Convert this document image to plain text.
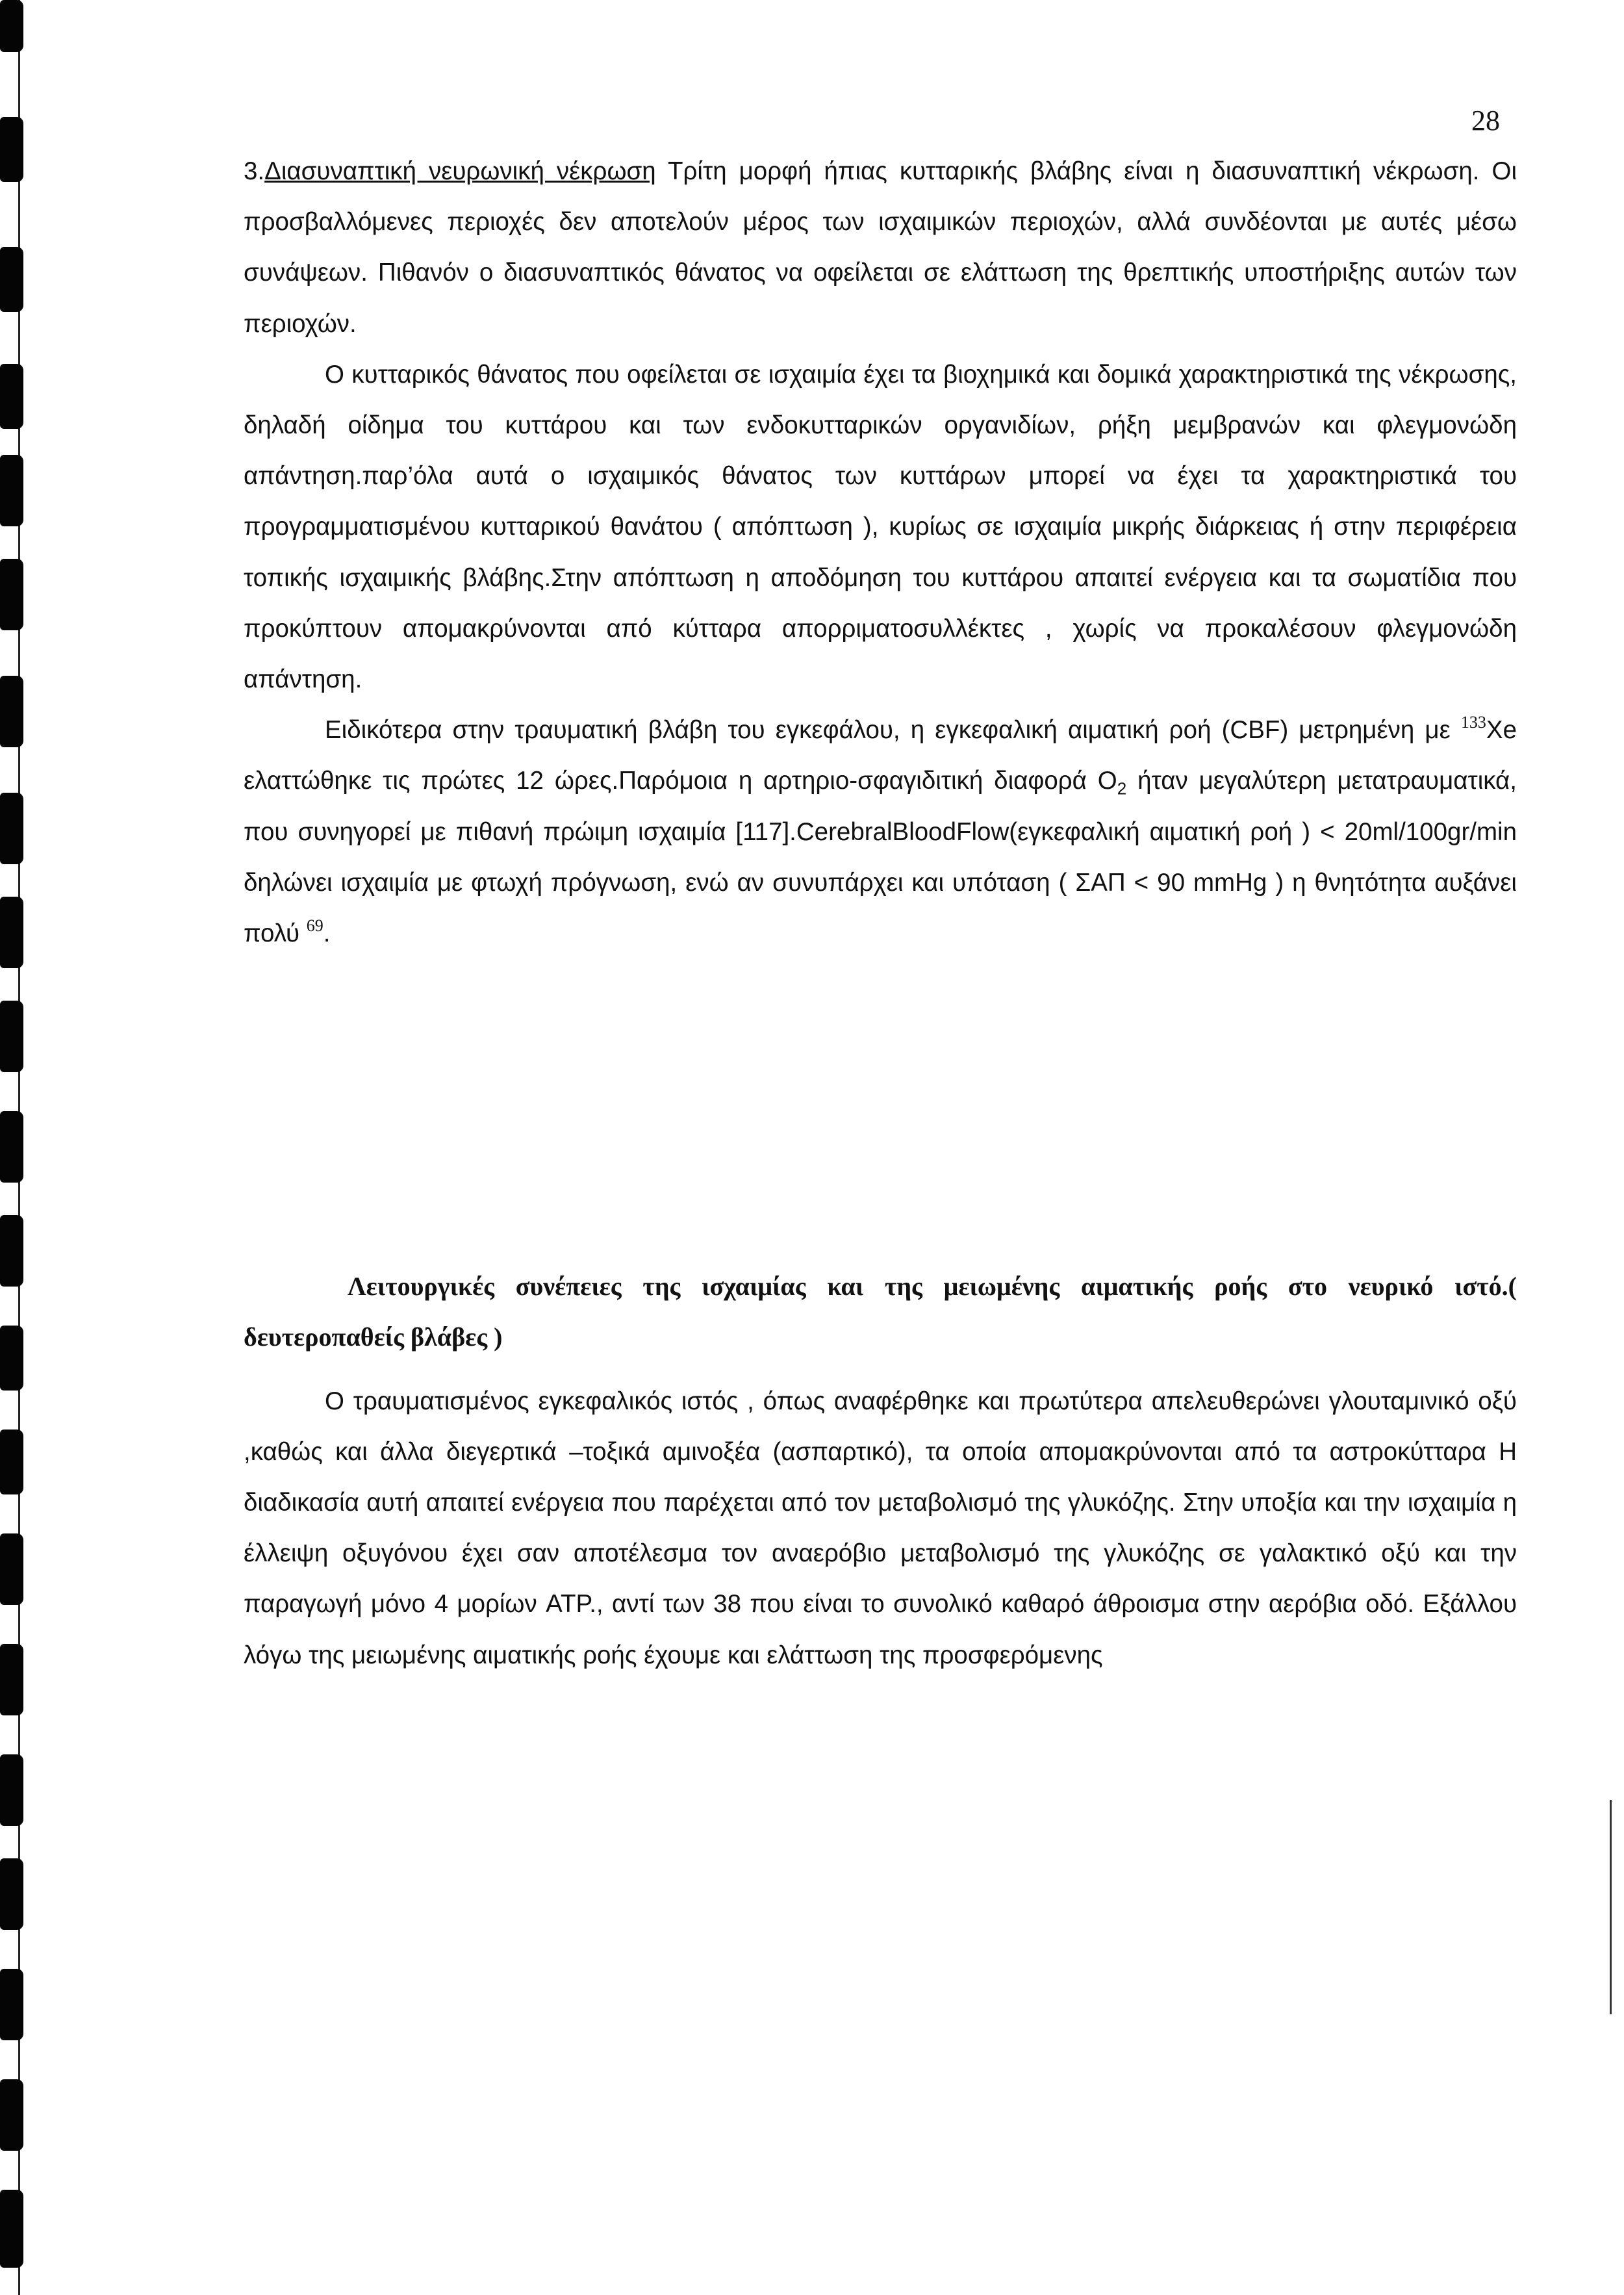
28

3.Διασυναπτική νευρωνική νέκρωση Τρίτη μορφή ήπιας κυτταρικής βλάβης είναι η διασυναπτική νέκρωση. Οι προσβαλλόμενες περιοχές δεν αποτελούν μέρος των ισχαιμικών περιοχών, αλλά συνδέονται με αυτές μέσω συνάψεων. Πιθανόν ο διασυναπτικός θάνατος να οφείλεται σε ελάττωση της θρεπτικής υποστήριξης αυτών των περιοχών.

Ο κυτταρικός θάνατος που οφείλεται σε ισχαιμία έχει τα βιοχημικά και δομικά χαρακτηριστικά της νέκρωσης, δηλαδή οίδημα του κυττάρου και των ενδοκυτταρικών οργανιδίων, ρήξη μεμβρανών και φλεγμονώδη απάντηση.παρ’όλα αυτά ο ισχαιμικός θάνατος των κυττάρων μπορεί να έχει τα χαρακτηριστικά του προγραμματισμένου κυτταρικού θανάτου ( απόπτωση ), κυρίως σε ισχαιμία μικρής διάρκειας ή στην περιφέρεια τοπικής ισχαιμικής βλάβης.Στην απόπτωση η αποδόμηση του κυττάρου απαιτεί ενέργεια και τα σωματίδια που προκύπτουν απομακρύνονται από κύτταρα απορριματοσυλλέκτες , χωρίς να προκαλέσουν φλεγμονώδη απάντηση.

Ειδικότερα στην τραυματική βλάβη του εγκεφάλου, η εγκεφαλική αιματική ροή (CBF) μετρημένη με $^{133}$Xe ελαττώθηκε τις πρώτες 12 ώρες.Παρόμοια η αρτηριο-σφαγιδιτική διαφορά $O_2$ ήταν μεγαλύτερη μετατραυματικά, που συνηγορεί με πιθανή πρώιμη ισχαιμία [117].CerebralBloodFlow(εγκεφαλική αιματική ροή ) < 20ml/100gr/min δηλώνει ισχαιμία με φτωχή πρόγνωση, ενώ αν συνυπάρχει και υπόταση ( ΣΑΠ < 90 mmHg ) η θνητότητα αυξάνει πολύ $^{69}$.

Λειτουργικές συνέπειες της ισχαιμίας και της μειωμένης αιματικής ροής στο νευρικό ιστό.( δευτεροπαθείς βλάβες )

Ο τραυματισμένος εγκεφαλικός ιστός , όπως αναφέρθηκε και πρωτύτερα απελευθερώνει γλουταμινικό οξύ ,καθώς και άλλα διεγερτικά –τοξικά αμινοξέα (ασπαρτικό), τα οποία απομακρύνονται από τα αστροκύτταρα Η διαδικασία αυτή απαιτεί ενέργεια που παρέχεται από τον μεταβολισμό της γλυκόζης. Στην υποξία και την ισχαιμία η έλλειψη οξυγόνου έχει σαν αποτέλεσμα τον αναερόβιο μεταβολισμό της γλυκόζης σε γαλακτικό οξύ και την παραγωγή μόνο 4 μορίων ATP., αντί των 38 που είναι το συνολικό καθαρό άθροισμα στην αερόβια οδό. Εξάλλου λόγω της μειωμένης αιματικής ροής έχουμε και ελάττωση της προσφερόμενης
